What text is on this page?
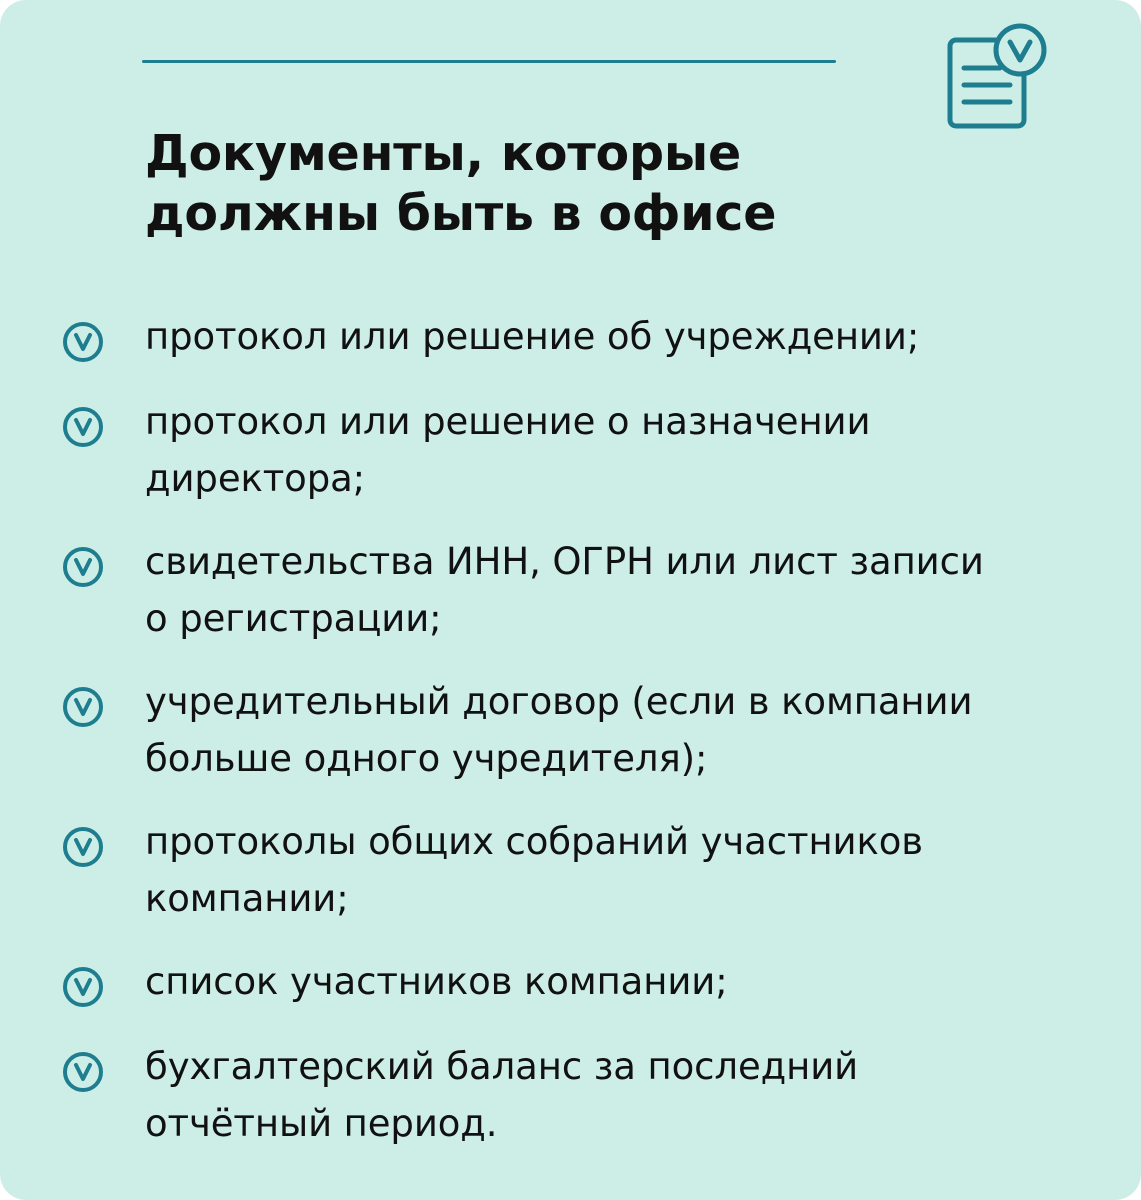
Документы, которые
должны быть в офисе
протокол или решение об учреждении;
протокол или решение о назначении
директора;
свидетельства ИНН, ОГРН или лист записи
о регистрации;
учредительный договор (если в компании
больше одного учредителя);
протоколы общих собраний участников
компании;
список участников компании;
бухгалтерский баланс за последний
отчётный период.
